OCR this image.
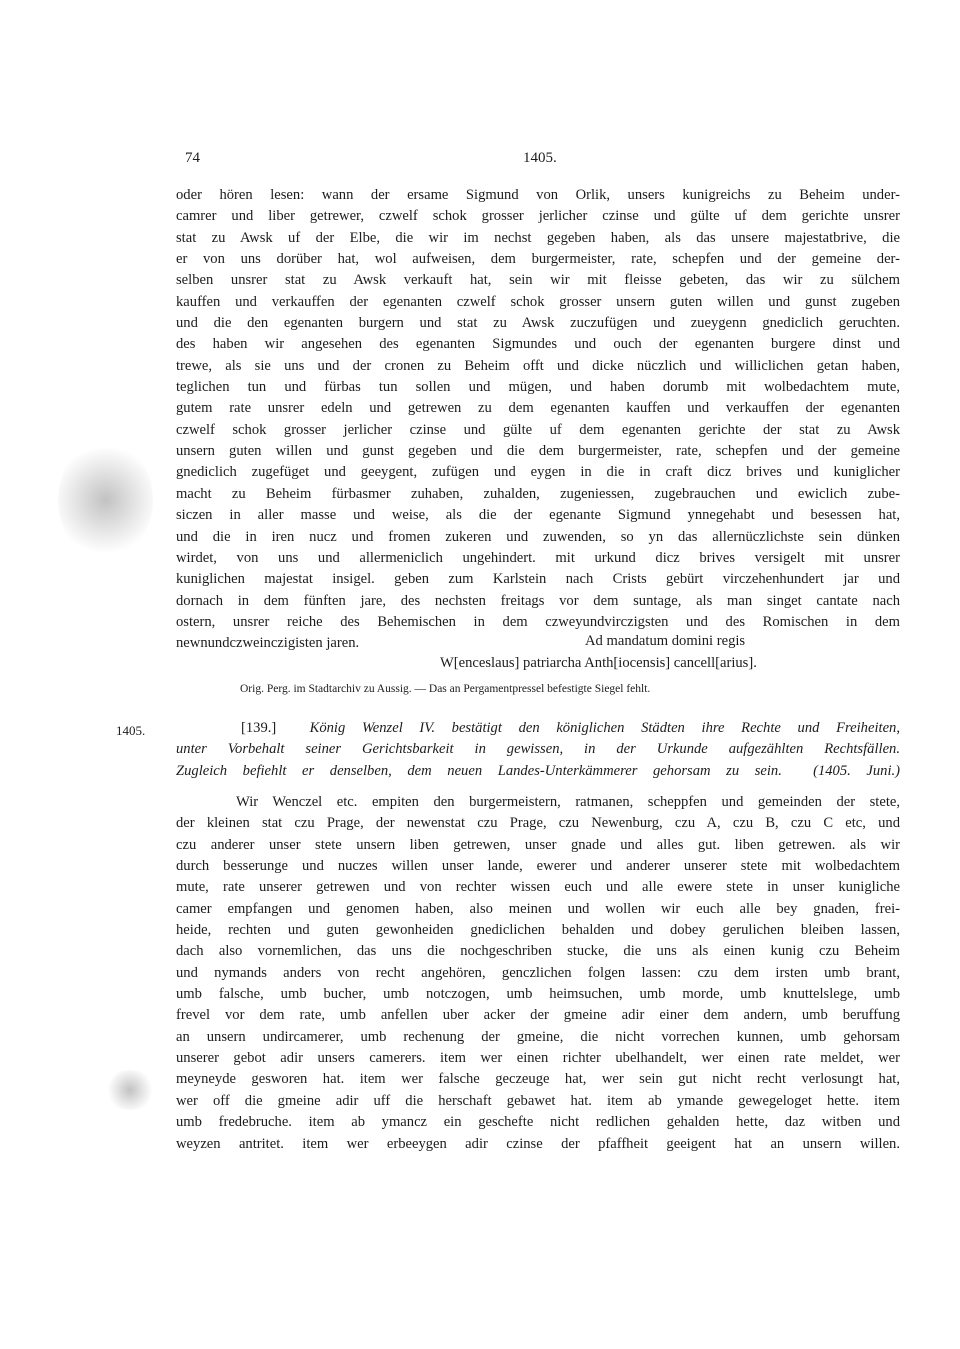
74	1405.
oder hören lesen: wann der ersame Sigmund von Orlik, unsers kunigreichs zu Beheim under-
camrer und liber getrewer, czwelf schok grosser jerlicher czinse und gülte uf dem gerichte unsrer
stat zu Awsk uf der Elbe, die wir im nechst gegeben haben, als das unsere majestatbrive, die
er von uns dorüber hat, wol aufweisen, dem burgermeister, rate, schepfen und der gemeine der-
selben unsrer stat zu Awsk verkauft hat, sein wir mit fleisse gebeten, das wir zu sülchem
kauffen und verkauffen der egenanten czwelf schok grosser unsern guten willen und gunst zugeben
und die den egenanten burgern und stat zu Awsk zuczufügen und zueygenn gnediclich geruchten.
des haben wir angesehen des egenanten Sigmundes und ouch der egenanten burgere dinst und
trewe, als sie uns und der cronen zu Beheim offt und dicke nüczlich und williclichen getan haben,
teglichen tun und fürbas tun sollen und mügen, und haben dorumb mit wolbedachtem mute,
gutem rate unsrer edeln und getrewen zu dem egenanten kauffen und verkauffen der egenanten
czwelf schok grosser jerlicher czinse und gülte uf dem egenanten gerichte der stat zu Awsk
unsern guten willen und gunst gegeben und die dem burgermeister, rate, schepfen und der gemeine
gnediclich zugefüget und geeygent, zufügen und eygen in die in craft dicz brives und kuniglicher
macht zu Beheim fürbasmer zuhaben, zuhalden, zugeniessen, zugebrauchen und ewiclich zube-
siczen in aller masse und weise, als die der egenante Sigmund ynnegehabt und besessen hat,
und die in iren nucz und fromen zukeren und zuwenden, so yn das allernüczlichste sein dünken
wirdet, von uns und allermeniclich ungehindert. mit urkund dicz brives versigelt mit unsrer
kuniglichen majestat insigel. geben zum Karlstein nach Crists gebürt virczehenhundert jar und
dornach in dem fünften jare, des nechsten freitags vor dem suntage, als man singet cantate nach
ostern, unsrer reiche des Behemischen in dem czweyundvirczigsten und des Romischen in dem
newnundczweinczigisten jaren.	Ad mandatum domini regis
W[enceslaus] patriarcha Anth[iocensis] cancell[arius].
Orig. Perg. im Stadtarchiv zu Aussig. — Das an Pergamentpressel befestigte Siegel fehlt.
1405.	[139.] König Wenzel IV. bestätigt den königlichen Städten ihre Rechte und Freiheiten,
unter Vorbehalt seiner Gerichtsbarkeit in gewissen, in der Urkunde aufgezählten Rechtsfällen.
Zugleich befiehlt er denselben, dem neuen Landes-Unterkämmerer gehorsam zu sein. (1405. Juni.)
Wir Wenczel etc. empiten den burgermeistern, ratmanen, scheppfen und gemeinden der stete,
der kleinen stat czu Prage, der newenstat czu Prage, czu Newenburg, czu A, czu B, czu C etc, und
czu anderer unser stete unsern liben getrewen, unser gnade und alles gut. liben getrewen. als wir
durch besserunge und nuczes willen unser lande, ewerer und anderer unserer stete mit wolbedachtem
mute, rate unserer getrewen und von rechter wissen euch und alle ewere stete in unser kunigliche
camer empfangen und genomen haben, also meinen und wollen wir euch alle bey gnaden, frei-
heide, rechten und guten gewonheiden gnediclichen behalden und dobey gerulichen bleiben lassen,
dach also vornemlichen, das uns die nochgeschriben stucke, die uns als einen kunig czu Beheim
und nymands anders von recht angehören, genczlichen folgen lassen: czu dem irsten umb brant,
umb falsche, umb bucher, umb notczogen, umb heimsuchen, umb morde, umb knuttelslege, umb
frevel vor dem rate, umb anfellen uber acker der gmeine adir einer dem andern, umb beruffung
an unsern undircamerer, umb rechenung der gmeine, die nicht vorrechen kunnen, umb gehorsam
unserer gebot adir unsers camerers. item wer einen richter ubelhandelt, wer einen rate meldet, wer
meyneyde gesworen hat. item wer falsche geczeuge hat, wer sein gut nicht recht verlosungt hat,
wer off die gmeine adir uff die herschaft gebawet hat. item ab ymande gewegeloget hette. item
umb fredebruche. item ab ymancz ein geschefte nicht redlichen gehalden hette, daz witben und
weyzen antritet. item wer erbeeygen adir czinse der pfaffheit geeigent hat an unsern willen.
